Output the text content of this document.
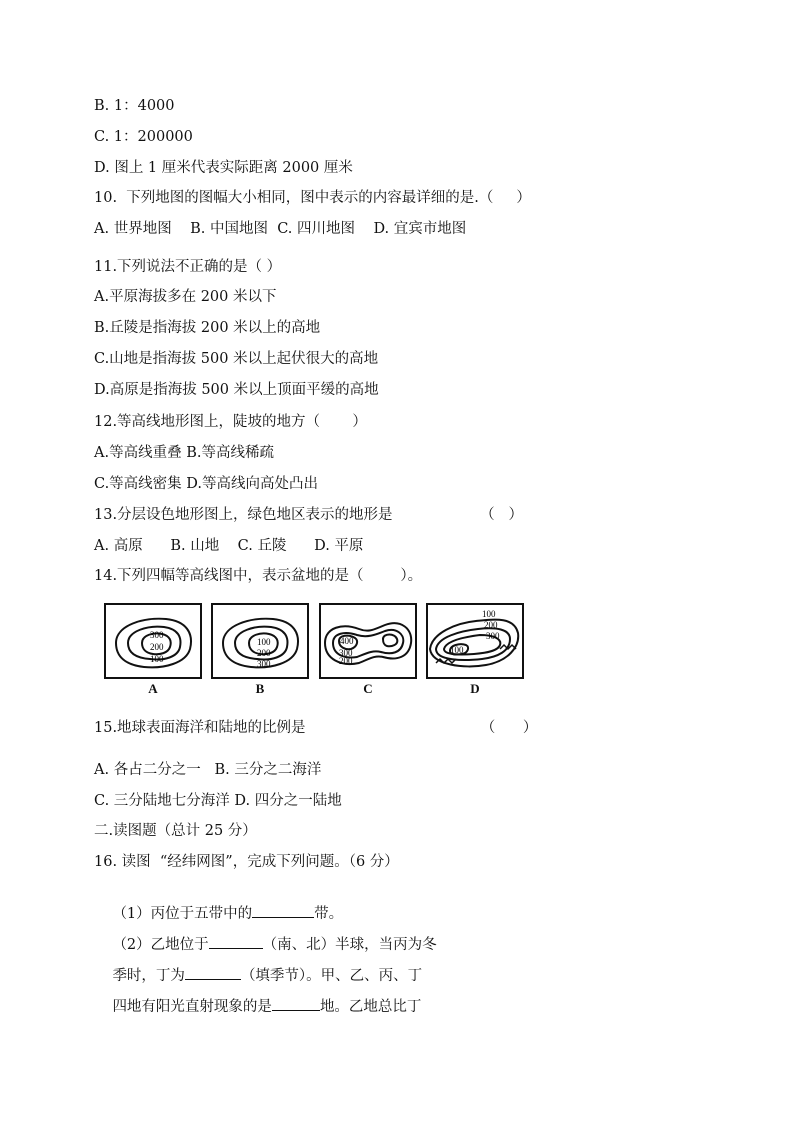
B. 1：4000
C. 1：200000
D. 图上 1 厘米代表实际距离 2000 厘米
10.  下列地图的图幅大小相同，图中表示的内容最详细的是.（     ）
A. 世界地图    B. 中国地图  C. 四川地图    D. 宜宾市地图
11.下列说法不正确的是（ ）
A.平原海拔多在 200 米以下
B.丘陵是指海拔 200 米以上的高地
C.山地是指海拔 500 米以上起伏很大的高地
D.高原是指海拔 500 米以上顶面平缓的高地
12.等高线地形图上，陡坡的地方（       ）
A.等高线重叠 B.等高线稀疏
C.等高线密集 D.等高线向高处凸出
13.分层设色地形图上，绿色地区表示的地形是                   （   ）
A. 高原      B. 山地    C. 丘陵      D. 平原
14.下列四幅等高线图中，表示盆地的是（        ）。
300
200
100
A
100
200
300
B
400
300
200
C
100
200
300
100
D
15.地球表面海洋和陆地的比例是                                      （      ）
A. 各占二分之一   B. 三分之二海洋
C. 三分陆地七分海洋 D. 四分之一陆地
二.读图题（总计 25 分）
16. 读图  “经纬网图”，完成下列问题。（6 分）

（1）丙位于五带中的	带。

（2）乙地位于	（南、北）半球，当丙为冬

季时，丁为	（填季节）。甲、乙、丙、丁

四地有阳光直射现象的是	地。乙地总比丁
